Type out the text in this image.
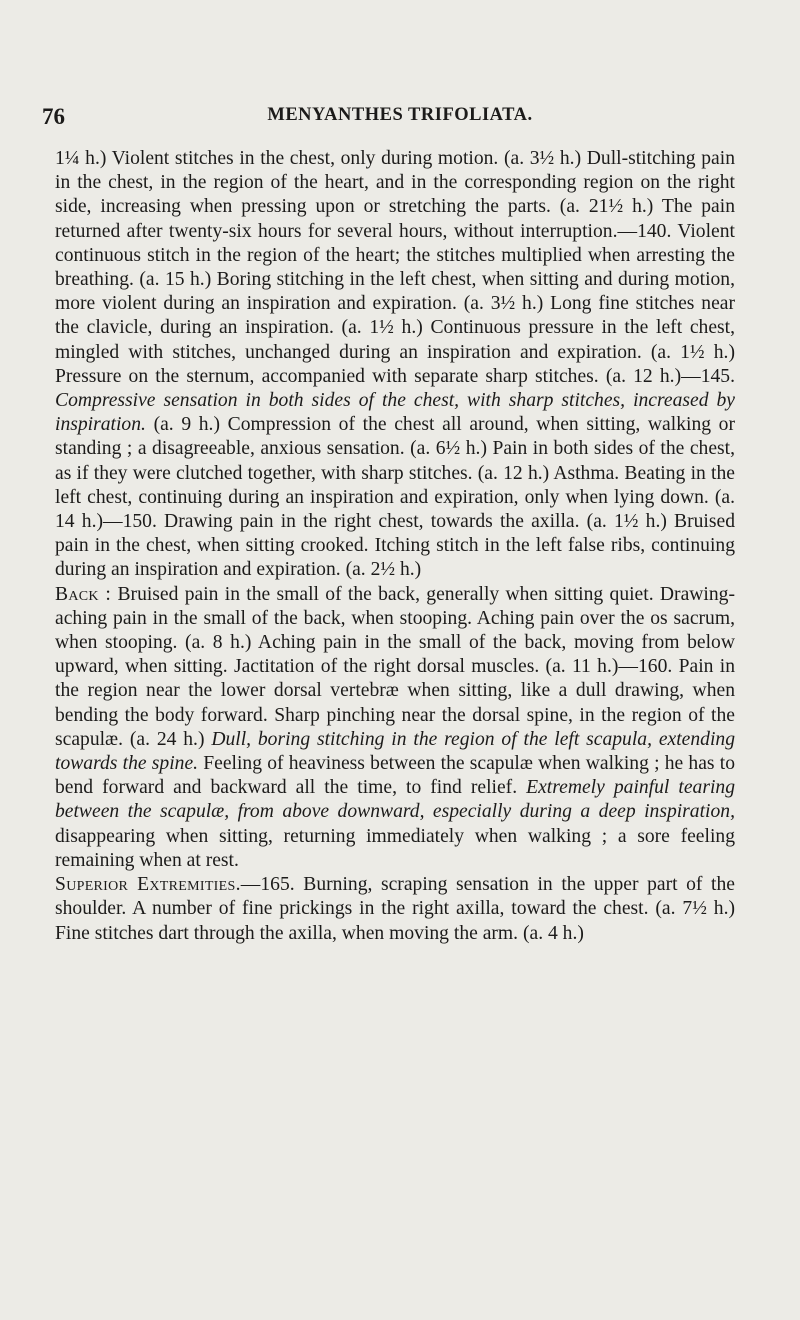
76	MENYANTHES TRIFOLIATA.

1¼ h.) Violent stitches in the chest, only during motion. (a. 3½ h.) Dull-stitching pain in the chest, in the region of the heart, and in the corresponding region on the right side, increasing when pressing upon or stretching the parts. (a. 21½ h.) The pain returned after twenty-six hours for several hours, without interruption.—140. Violent continuous stitch in the region of the heart; the stitches multiplied when arresting the breathing. (a. 15 h.) Boring stitching in the left chest, when sitting and during motion, more violent during an inspiration and expiration. (a. 3½ h.) Long fine stitches near the clavicle, during an inspiration. (a. 1½ h.) Continuous pressure in the left chest, mingled with stitches, unchanged during an inspiration and expiration. (a. 1½ h.) Pressure on the sternum, accompanied with separate sharp stitches. (a. 12 h.)—145. Compressive sensation in both sides of the chest, with sharp stitches, increased by inspiration. (a. 9 h.) Compression of the chest all around, when sitting, walking or standing ; a disagreeable, anxious sensation. (a. 6½ h.) Pain in both sides of the chest, as if they were clutched together, with sharp stitches. (a. 12 h.) Asthma. Beating in the left chest, continuing during an inspiration and expiration, only when lying down. (a. 14 h.)—150. Drawing pain in the right chest, towards the axilla. (a. 1½ h.) Bruised pain in the chest, when sitting crooked. Itching stitch in the left false ribs, continuing during an inspiration and expiration. (a. 2½ h.)

Back : Bruised pain in the small of the back, generally when sitting quiet. Drawing-aching pain in the small of the back, when stooping. Aching pain over the os sacrum, when stooping. (a. 8 h.) Aching pain in the small of the back, moving from below upward, when sitting. Jactitation of the right dorsal muscles. (a. 11 h.)—160. Pain in the region near the lower dorsal vertebræ when sitting, like a dull drawing, when bending the body forward. Sharp pinching near the dorsal spine, in the region of the scapulæ. (a. 24 h.) Dull, boring stitching in the region of the left scapula, extending towards the spine. Feeling of heaviness between the scapulæ when walking ; he has to bend forward and backward all the time, to find relief. Extremely painful tearing between the scapulæ, from above downward, especially during a deep inspiration, disappearing when sitting, returning immediately when walking ; a sore feeling remaining when at rest.

Superior Extremities.—165. Burning, scraping sensation in the upper part of the shoulder. A number of fine prickings in the right axilla, toward the chest. (a. 7½ h.) Fine stitches dart through the axilla, when moving the arm. (a. 4 h.)
